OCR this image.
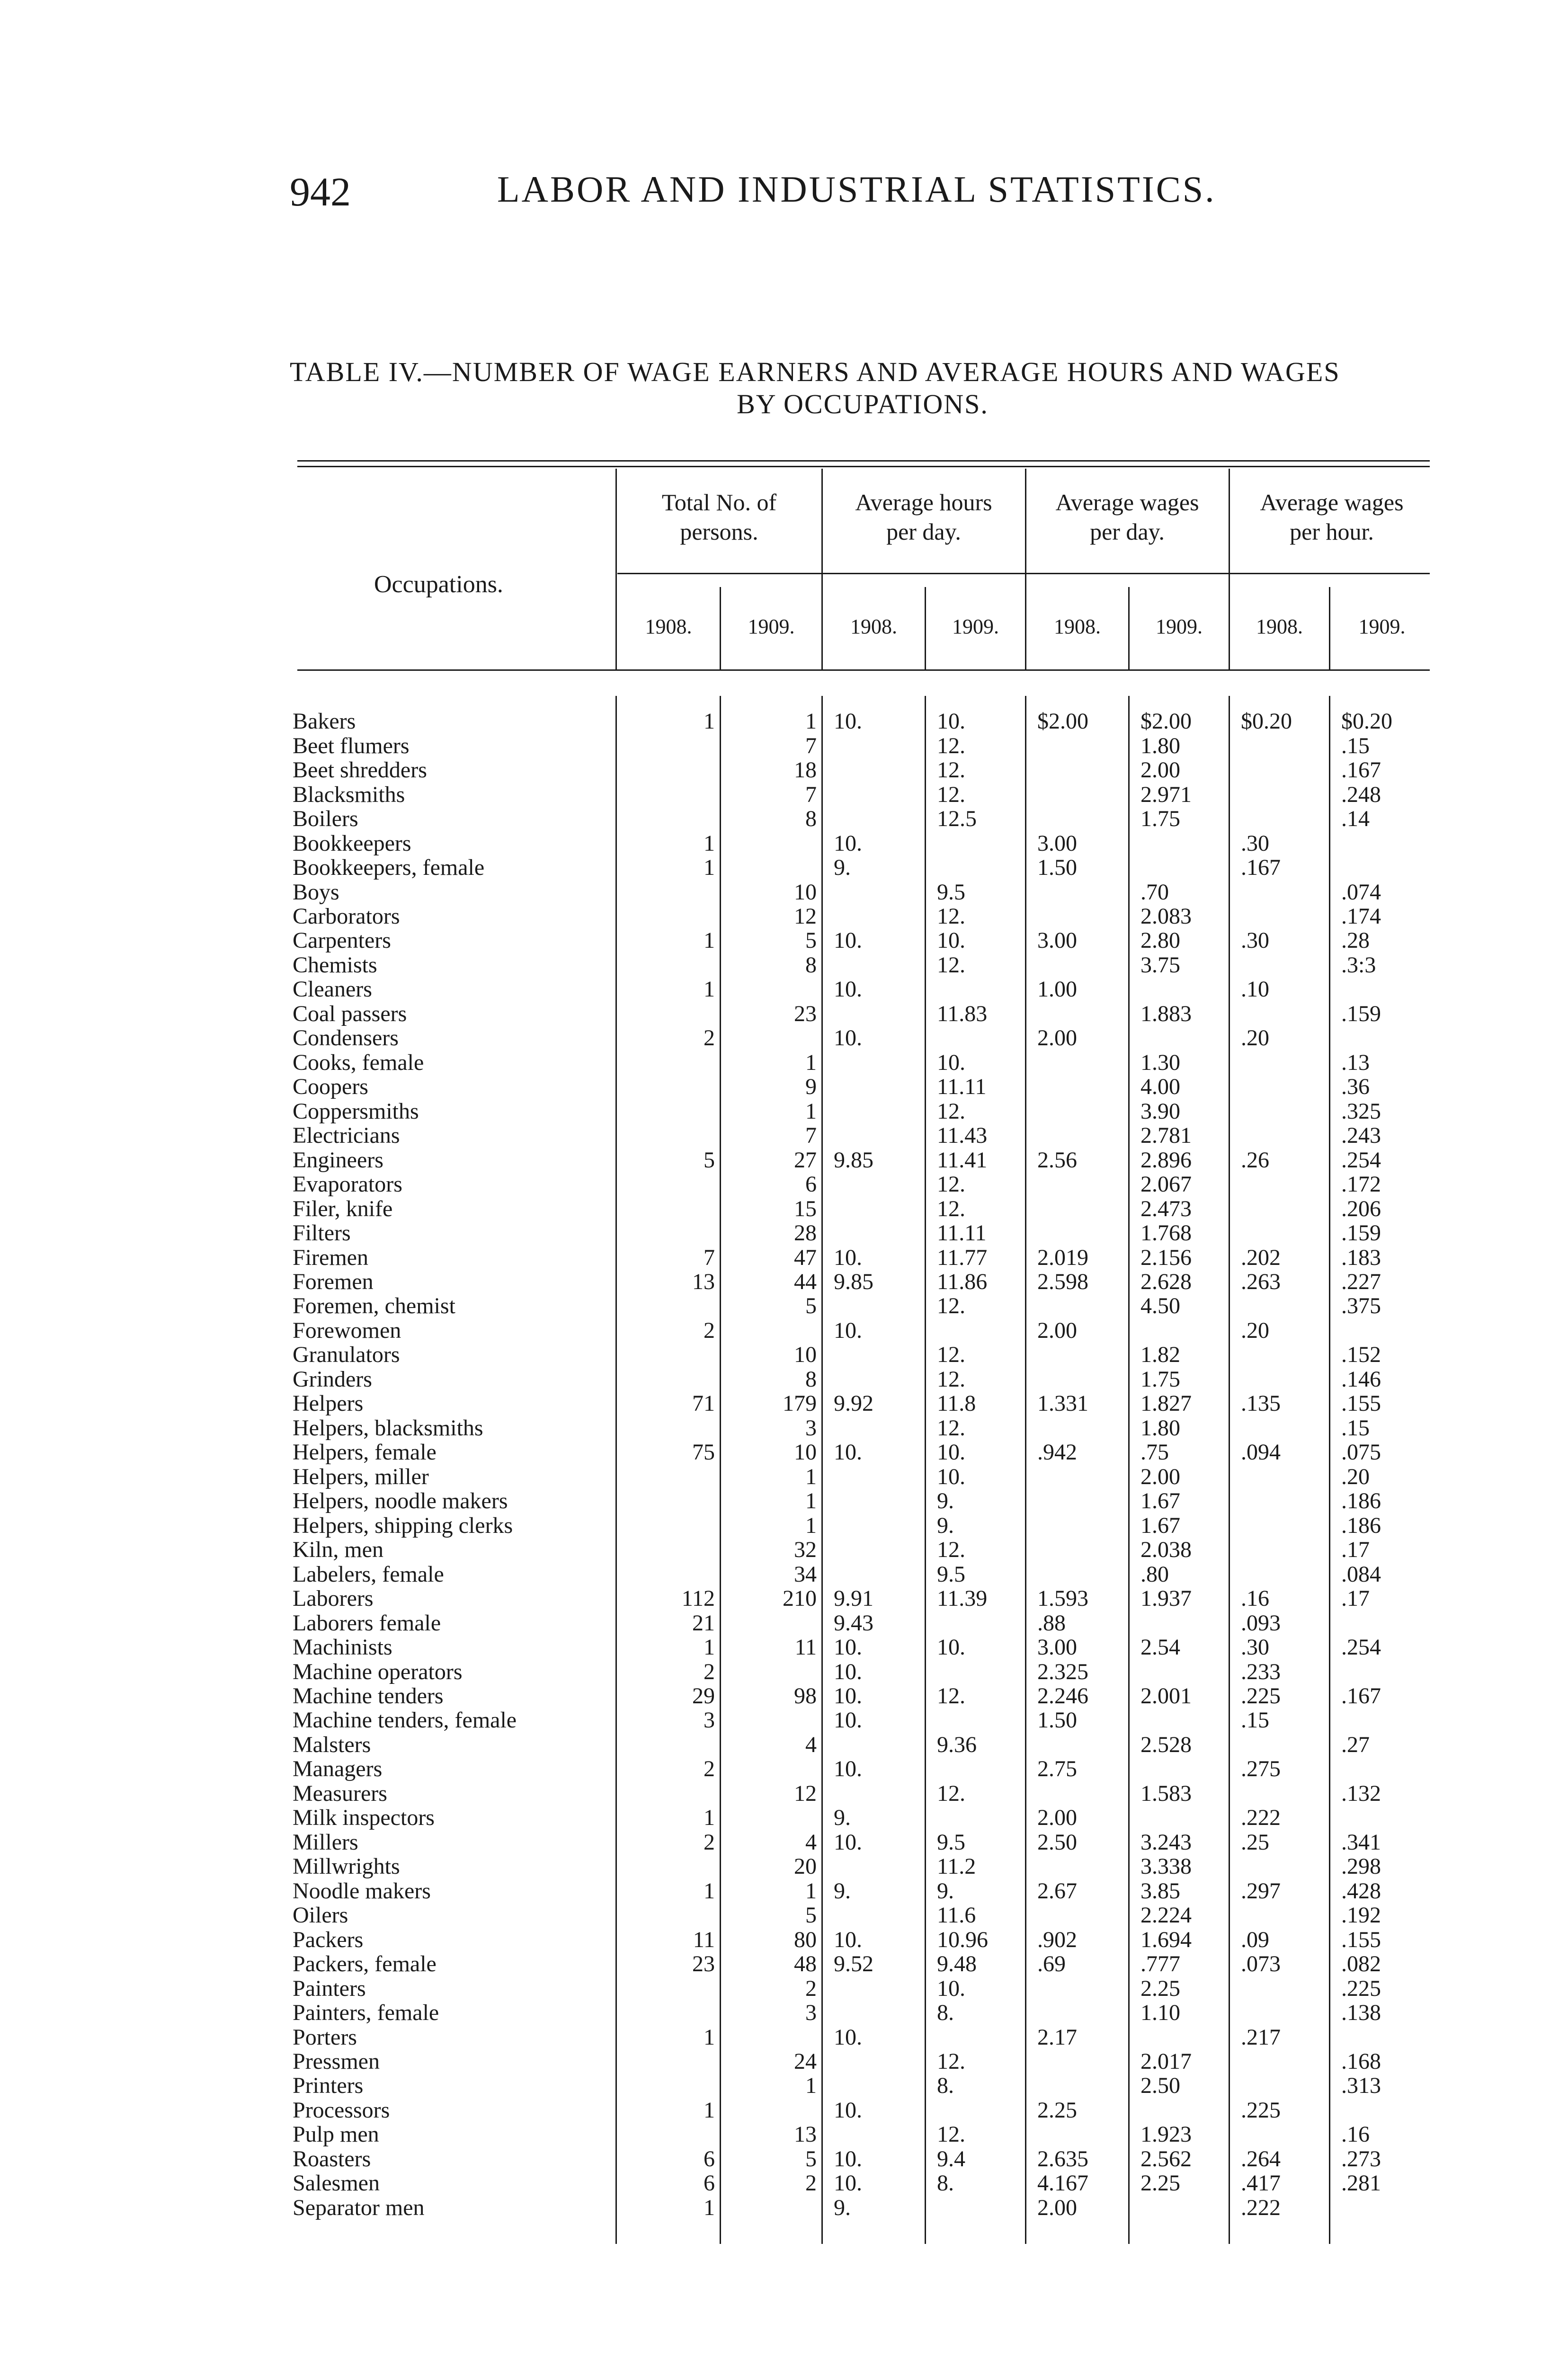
942	LABOR AND INDUSTRIAL STATISTICS.
TABLE IV.—NUMBER OF WAGE EARNERS AND AVERAGE HOURS AND WAGES
BY OCCUPATIONS.
Occupations.
Total No. of
persons.
Average hours
per day.
Average wages
per day.
Average wages
per hour.
1908.	1909.	1908.	1909.	1908.	1909.	1908.	1909.
Bakers	1	1	10.	10.	$2.00	$2.00	$0.20	$0.20
Beet flumers		7		12.		1.80		.15
Beet shredders		18		12.		2.00		.167
Blacksmiths		7		12.		2.971		.248
Boilers		8		12.5		1.75		.14
Bookkeepers	1		10.		3.00		.30	
Bookkeepers, female	1		9.		1.50		.167	
Boys		10		9.5		.70		.074
Carborators		12		12.		2.083		.174
Carpenters	1	5	10.	10.	3.00	2.80	.30	.28
Chemists		8		12.		3.75		.3:3
Cleaners	1		10.		1.00		.10	
Coal passers		23		11.83		1.883		.159
Condensers	2		10.		2.00		.20	
Cooks, female		1		10.		1.30		.13
Coopers		9		11.11		4.00		.36
Coppersmiths		1		12.		3.90		.325
Electricians		7		11.43		2.781		.243
Engineers	5	27	9.85	11.41	2.56	2.896	.26	.254
Evaporators		6		12.		2.067		.172
Filer, knife		15		12.		2.473		.206
Filters		28		11.11		1.768		.159
Firemen	7	47	10.	11.77	2.019	2.156	.202	.183
Foremen	13	44	9.85	11.86	2.598	2.628	.263	.227
Foremen, chemist		5		12.		4.50		.375
Forewomen	2		10.		2.00		.20	
Granulators		10		12.		1.82		.152
Grinders		8		12.		1.75		.146
Helpers	71	179	9.92	11.8	1.331	1.827	.135	.155
Helpers, blacksmiths		3		12.		1.80		.15
Helpers, female	75	10	10.	10.	.942	.75	.094	.075
Helpers, miller		1		10.		2.00		.20
Helpers, noodle makers		1		9.		1.67		.186
Helpers, shipping clerks		1		9.		1.67		.186
Kiln, men		32		12.		2.038		.17
Labelers, female		34		9.5		.80		.084
Laborers	112	210	9.91	11.39	1.593	1.937	.16	.17
Laborers female	21		9.43		.88		.093	
Machinists	1	11	10.	10.	3.00	2.54	.30	.254
Machine operators	2		10.		2.325		.233	
Machine tenders	29	98	10.	12.	2.246	2.001	.225	.167
Machine tenders, female	3		10.		1.50		.15	
Malsters		4		9.36		2.528		.27
Managers	2		10.		2.75		.275	
Measurers		12		12.		1.583		.132
Milk inspectors	1		9.		2.00		.222	
Millers	2	4	10.	9.5	2.50	3.243	.25	.341
Millwrights		20		11.2		3.338		.298
Noodle makers	1	1	9.	9.	2.67	3.85	.297	.428
Oilers		5		11.6		2.224		.192
Packers	11	80	10.	10.96	.902	1.694	.09	.155
Packers, female	23	48	9.52	9.48	.69	.777	.073	.082
Painters		2		10.		2.25		.225
Painters, female		3		8.		1.10		.138
Porters	1		10.		2.17		.217	
Pressmen		24		12.		2.017		.168
Printers		1		8.		2.50		.313
Processors	1		10.		2.25		.225	
Pulp men		13		12.		1.923		.16
Roasters	6	5	10.	9.4	2.635	2.562	.264	.273
Salesmen	6	2	10.	8.	4.167	2.25	.417	.281
Separator men	1		9.		2.00		.222	
